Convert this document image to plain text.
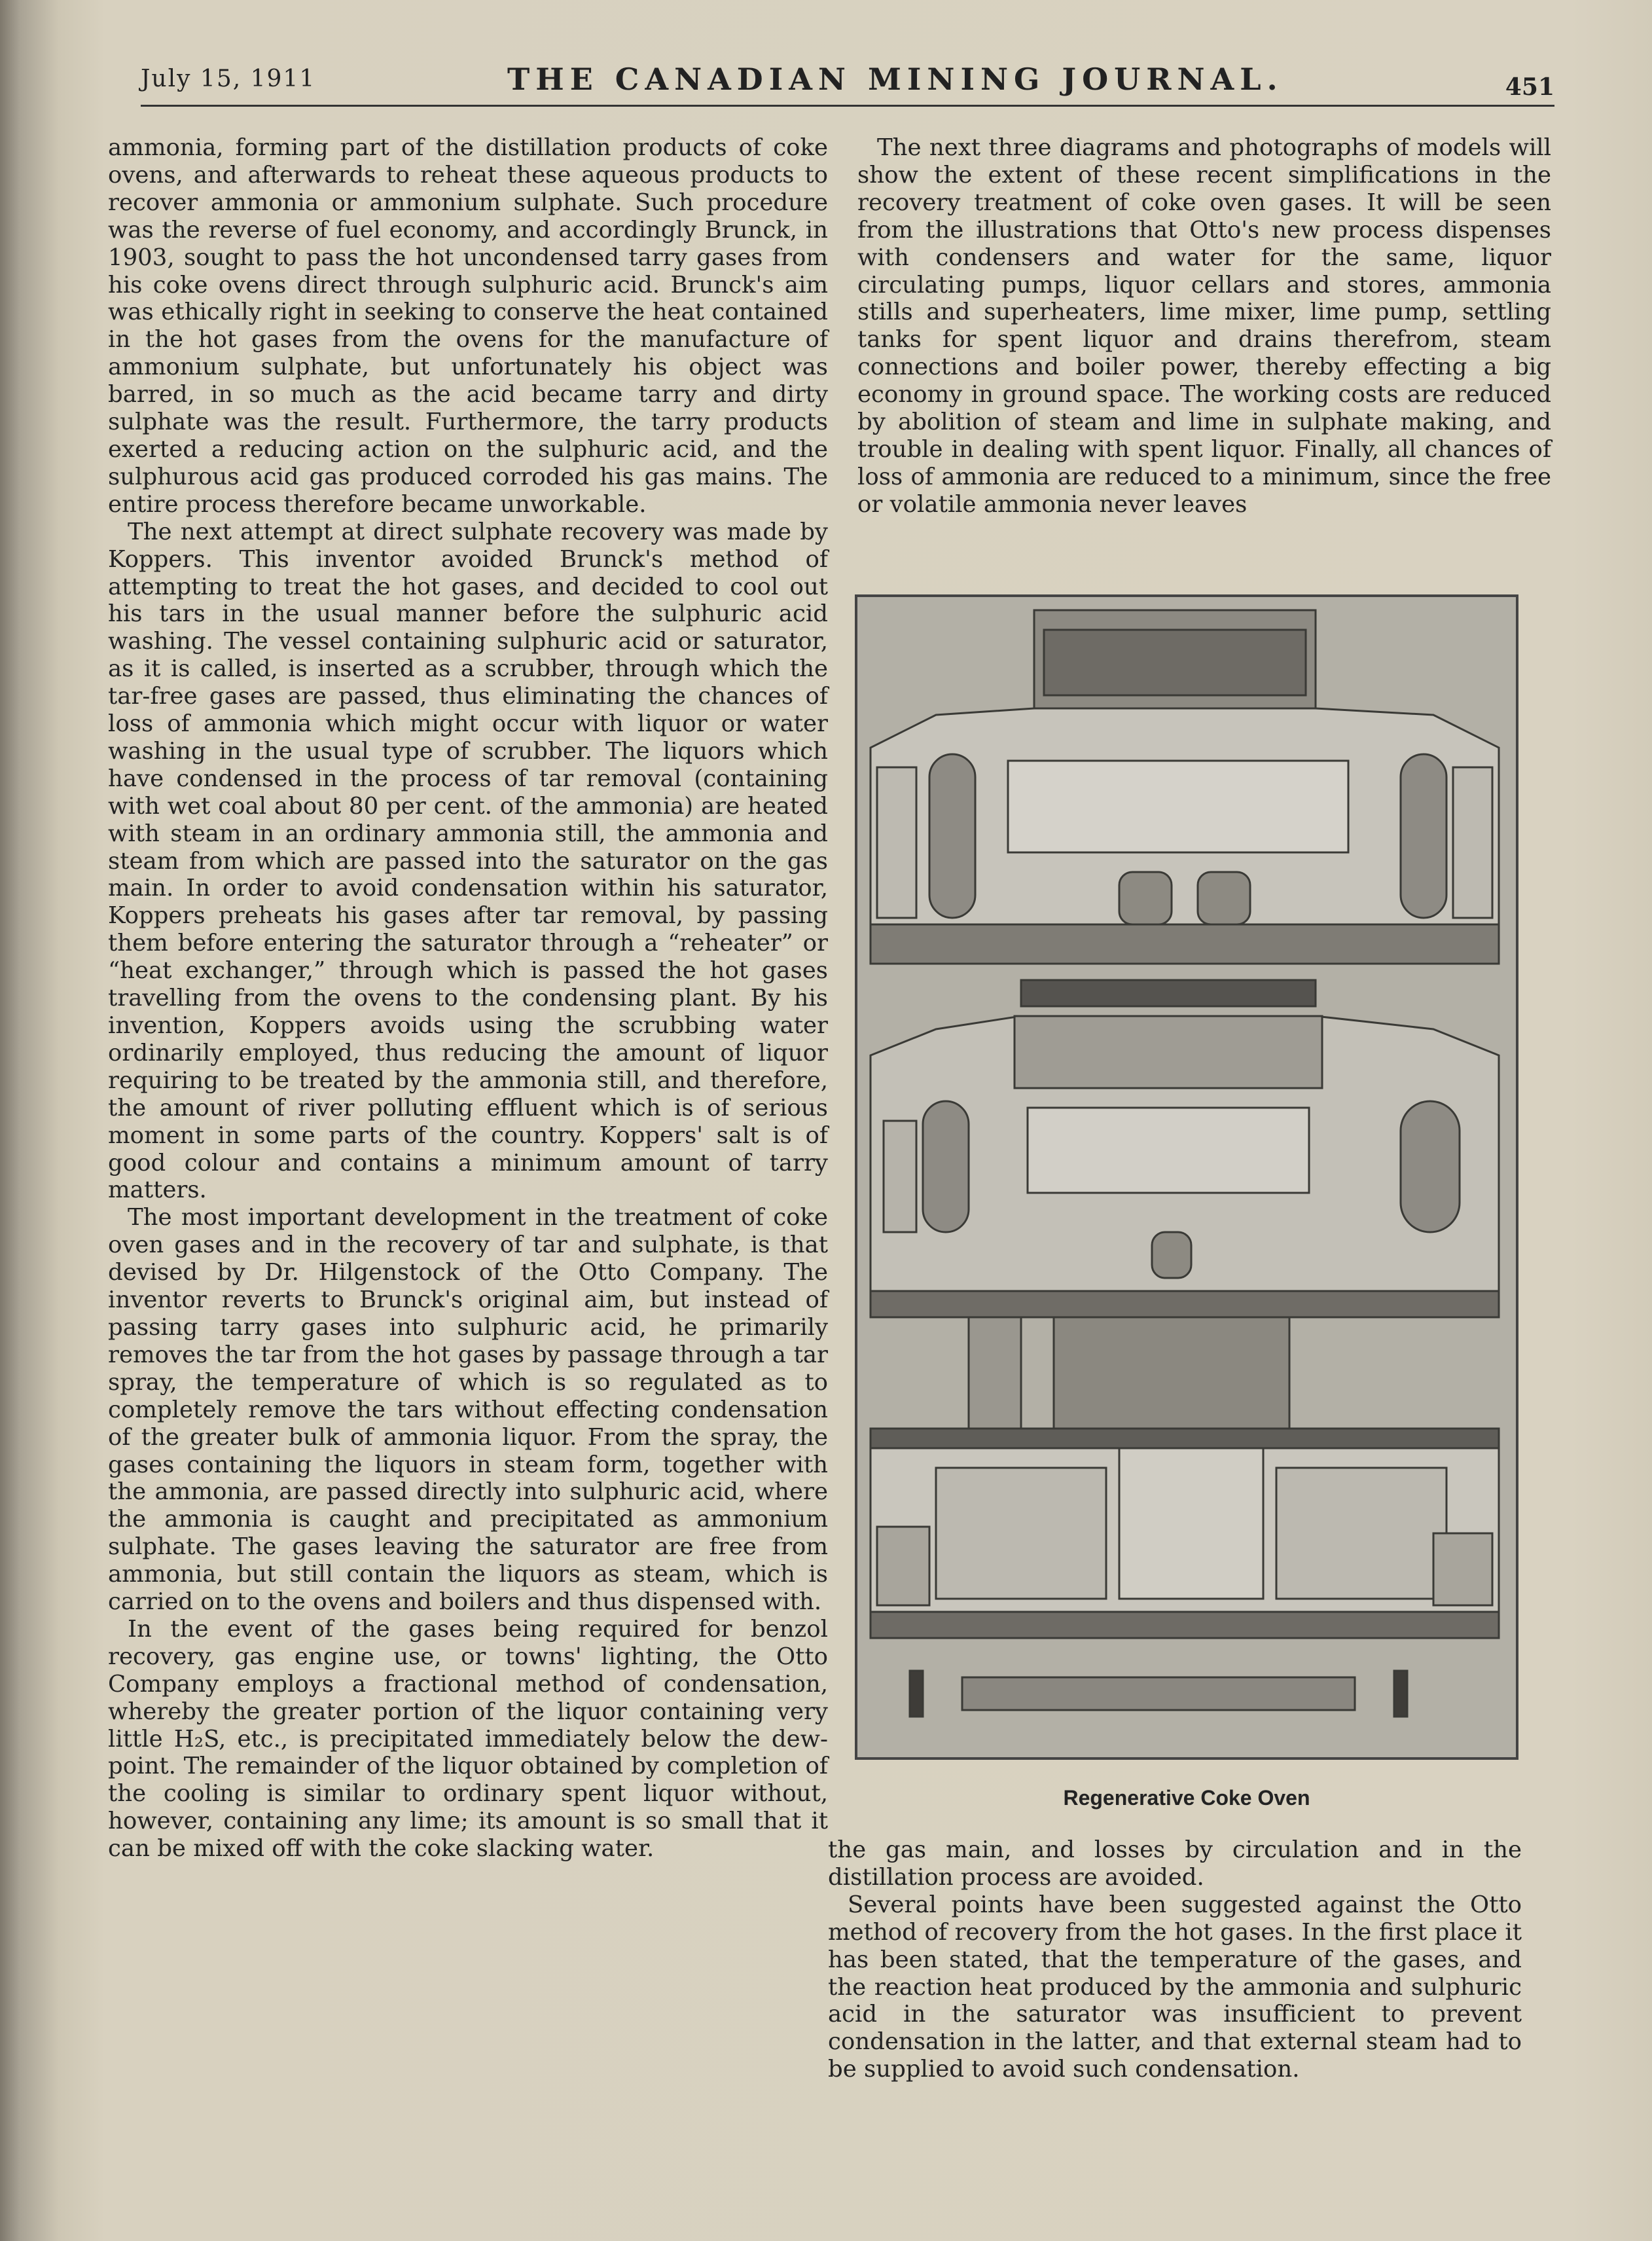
July 15, 1911	THE CANADIAN MINING JOURNAL.	451

ammonia, forming part of the distillation products of coke ovens, and afterwards to reheat these aqueous products to recover ammonia or ammonium sulphate. Such procedure was the reverse of fuel economy, and accordingly Brunck, in 1903, sought to pass the hot uncondensed tarry gases from his coke ovens direct through sulphuric acid. Brunck's aim was ethically right in seeking to conserve the heat contained in the hot gases from the ovens for the manufacture of ammonium sulphate, but unfortunately his object was barred, in so much as the acid became tarry and dirty sulphate was the result. Furthermore, the tarry products exerted a reducing action on the sulphuric acid, and the sulphurous acid gas produced corroded his gas mains. The entire process therefore became unworkable.

The next attempt at direct sulphate recovery was made by Koppers. This inventor avoided Brunck's method of attempting to treat the hot gases, and decided to cool out his tars in the usual manner before the sulphuric acid washing. The vessel containing sulphuric acid or saturator, as it is called, is inserted as a scrubber, through which the tar-free gases are passed, thus eliminating the chances of loss of ammonia which might occur with liquor or water washing in the usual type of scrubber. The liquors which have condensed in the process of tar removal (containing with wet coal about 80 per cent. of the ammonia) are heated with steam in an ordinary ammonia still, the ammonia and steam from which are passed into the saturator on the gas main. In order to avoid condensation within his saturator, Koppers preheats his gases after tar removal, by passing them before entering the saturator through a “reheater” or “heat exchanger,” through which is passed the hot gases travelling from the ovens to the condensing plant. By his invention, Koppers avoids using the scrubbing water ordinarily employed, thus reducing the amount of liquor requiring to be treated by the ammonia still, and therefore, the amount of river polluting effluent which is of serious moment in some parts of the country. Koppers' salt is of good colour and contains a minimum amount of tarry matters.

The most important development in the treatment of coke oven gases and in the recovery of tar and sulphate, is that devised by Dr. Hilgenstock of the Otto Company. The inventor reverts to Brunck's original aim, but instead of passing tarry gases into sulphuric acid, he primarily removes the tar from the hot gases by passage through a tar spray, the temperature of which is so regulated as to completely remove the tars without effecting condensation of the greater bulk of ammonia liquor. From the spray, the gases containing the liquors in steam form, together with the ammonia, are passed directly into sulphuric acid, where the ammonia is caught and precipitated as ammonium sulphate. The gases leaving the saturator are free from ammonia, but still contain the liquors as steam, which is carried on to the ovens and boilers and thus dispensed with.

In the event of the gases being required for benzol recovery, gas engine use, or towns' lighting, the Otto Company employs a fractional method of condensation, whereby the greater portion of the liquor containing very little H₂S, etc., is precipitated immediately below the dew-point. The remainder of the liquor obtained by completion of the cooling is similar to ordinary spent liquor without, however, containing any lime; its amount is so small that it can be mixed off with the coke slacking water.

The next three diagrams and photographs of models will show the extent of these recent simplifications in the recovery treatment of coke oven gases. It will be seen from the illustrations that Otto's new process dispenses with condensers and water for the same, liquor circulating pumps, liquor cellars and stores, ammonia stills and superheaters, lime mixer, lime pump, settling tanks for spent liquor and drains therefrom, steam connections and boiler power, thereby effecting a big economy in ground space. The working costs are reduced by abolition of steam and lime in sulphate making, and trouble in dealing with spent liquor. Finally, all chances of loss of ammonia are reduced to a minimum, since the free or volatile ammonia never leaves

Regenerative Coke Oven

the gas main, and losses by circulation and in the distillation process are avoided.

Several points have been suggested against the Otto method of recovery from the hot gases. In the first place it has been stated, that the temperature of the gases, and the reaction heat produced by the ammonia and sulphuric acid in the saturator was insufficient to prevent condensation in the latter, and that external steam had to be supplied to avoid such condensation.
